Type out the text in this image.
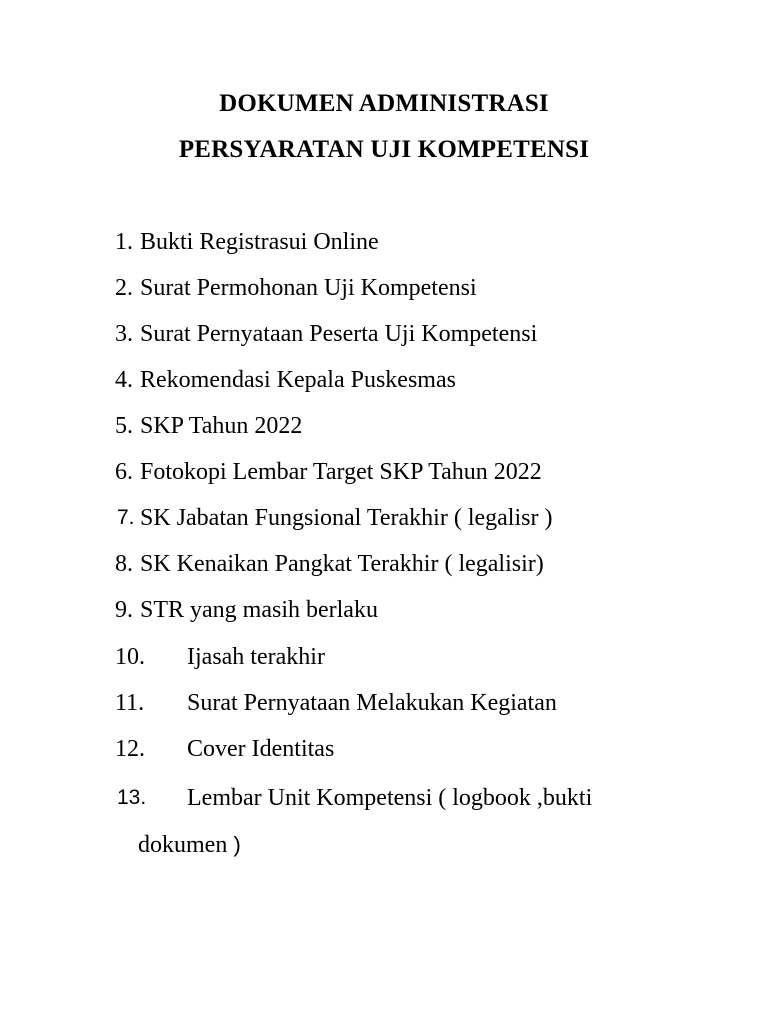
DOKUMEN ADMINISTRASI
PERSYARATAN UJI KOMPETENSI
1. Bukti Registrasui Online
2. Surat Permohonan Uji Kompetensi
3. Surat Pernyataan Peserta Uji Kompetensi
4. Rekomendasi Kepala Puskesmas
5. SKP Tahun 2022
6. Fotokopi Lembar Target SKP Tahun 2022
7. SK Jabatan Fungsional Terakhir ( legalisr )
8. SK Kenaikan Pangkat Terakhir ( legalisir)
9. STR yang masih berlaku
10. Ijasah terakhir
11. Surat Pernyataan Melakukan Kegiatan
12. Cover Identitas
13. Lembar Unit Kompetensi ( logbook ,bukti
dokumen )
